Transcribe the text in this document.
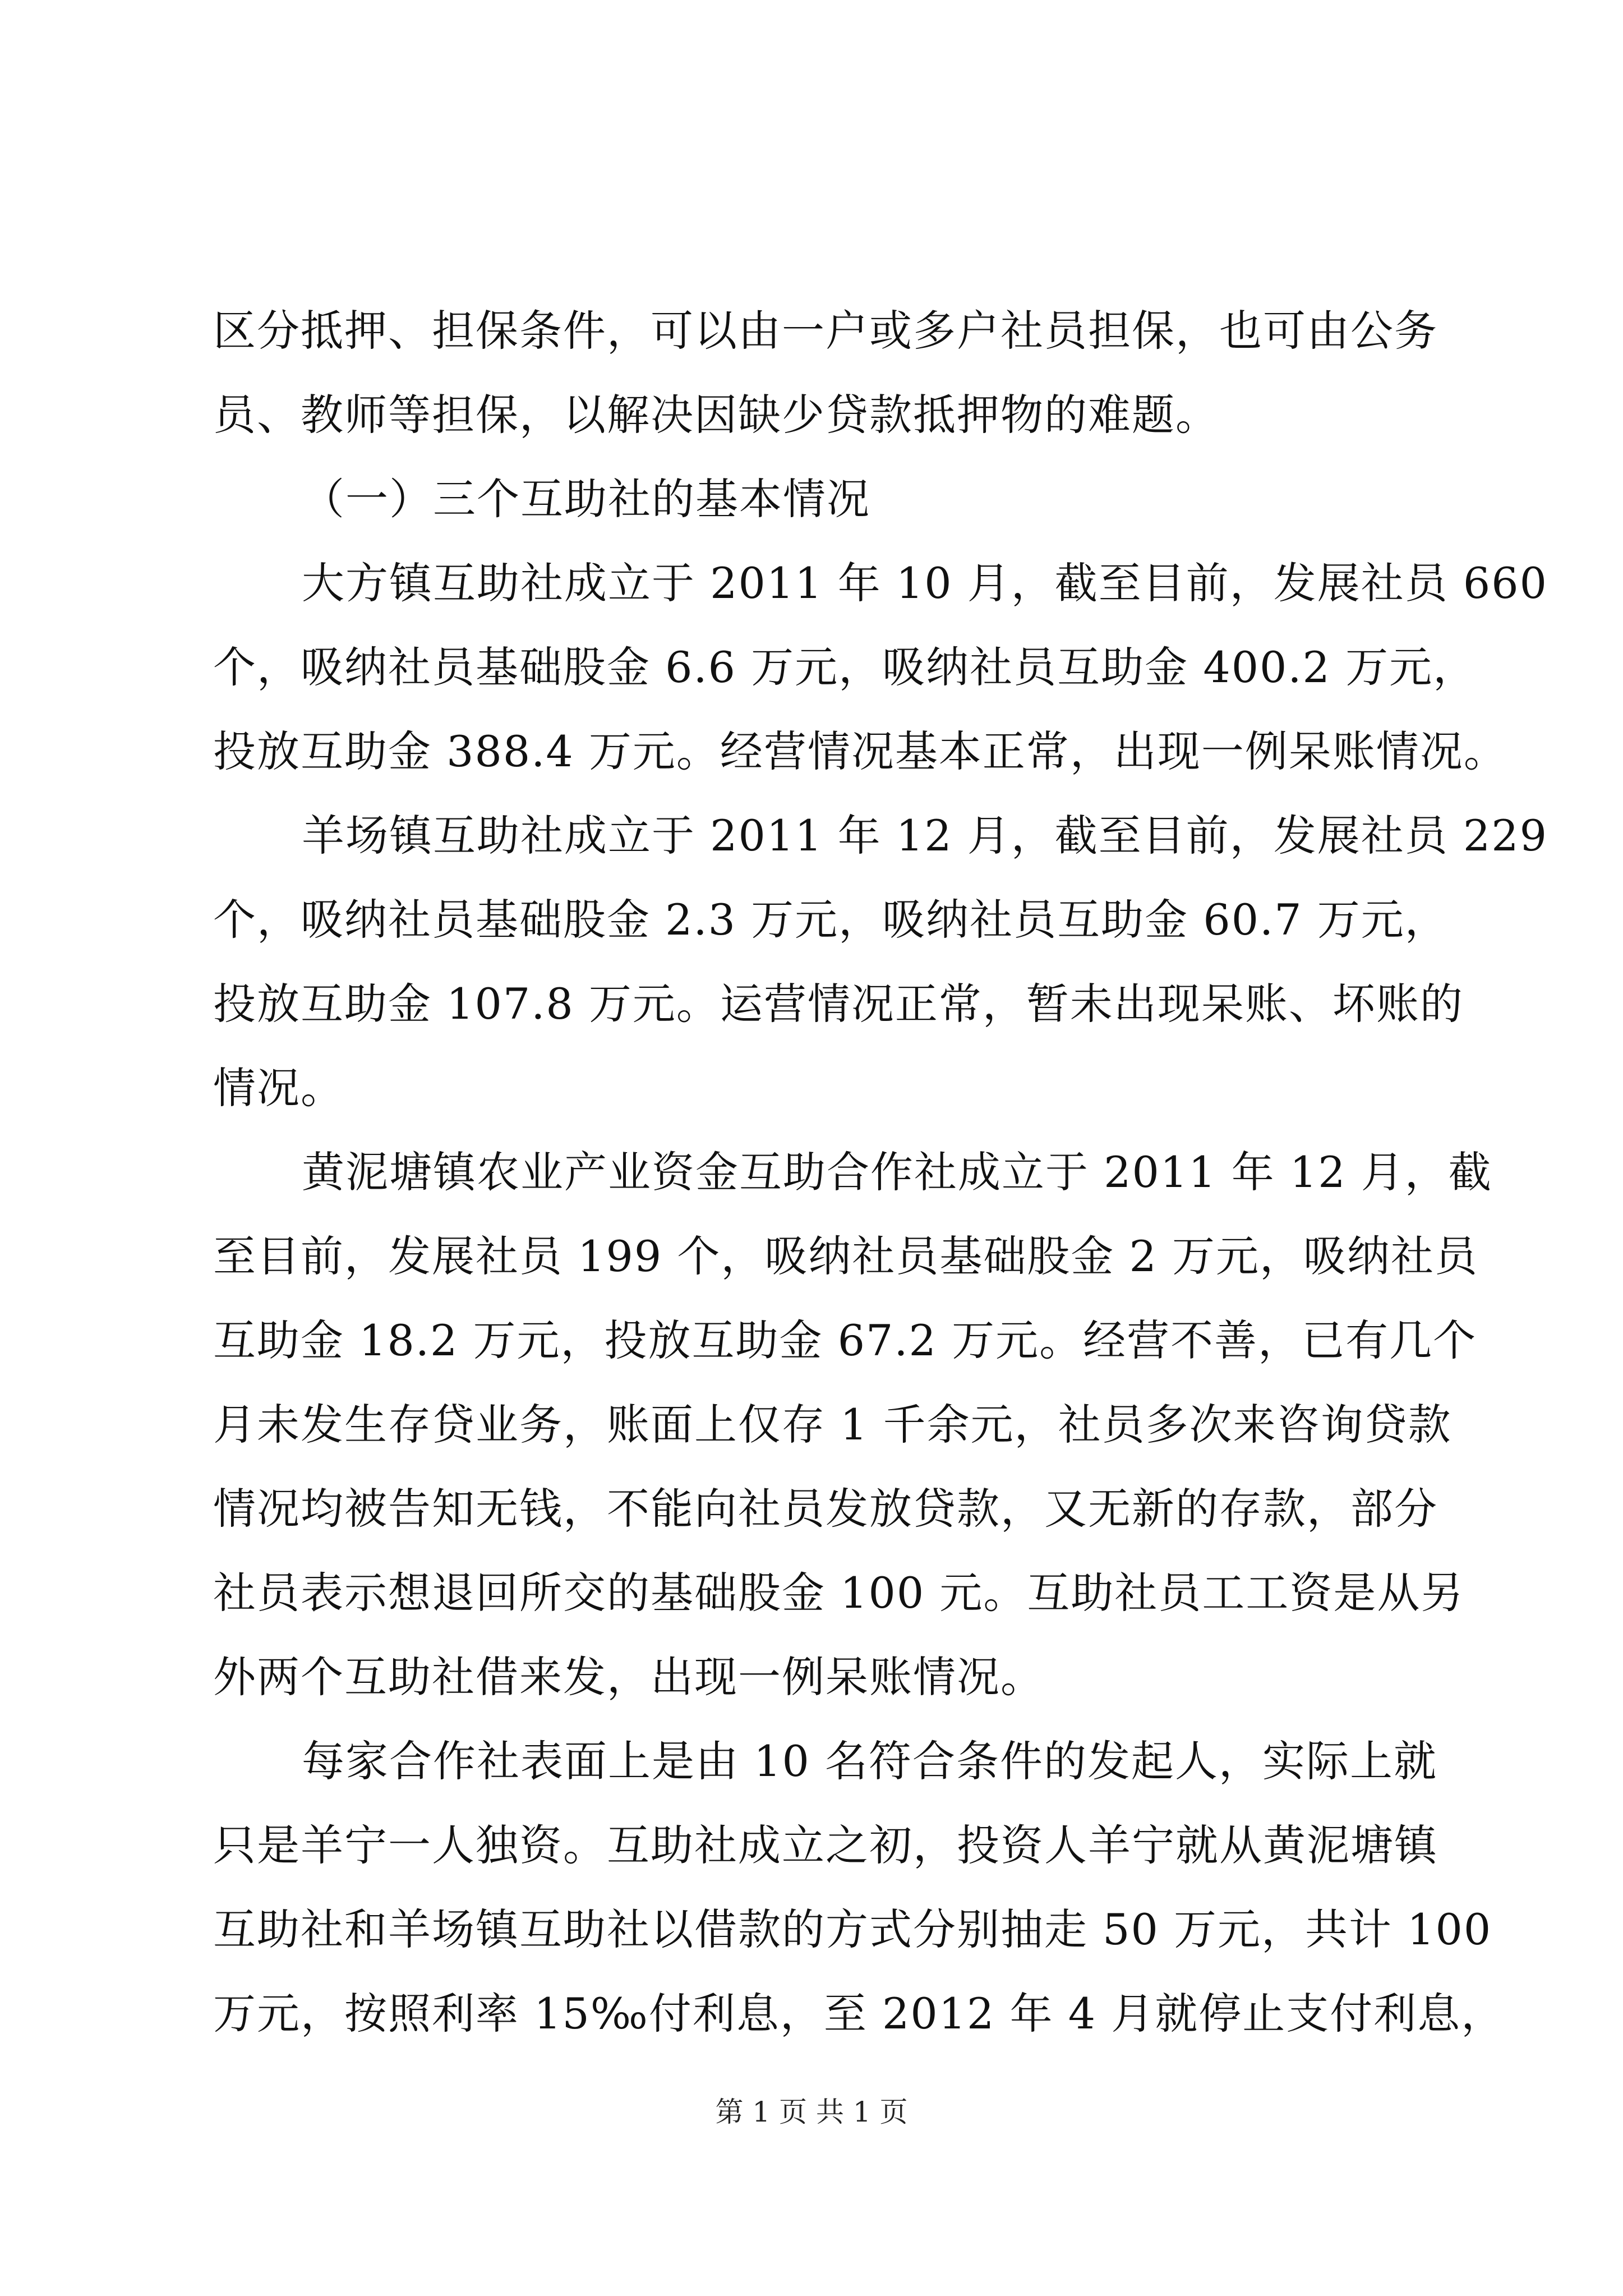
区分抵押、担保条件，可以由一户或多户社员担保，也可由公务
员、教师等担保，以解决因缺少贷款抵押物的难题。
（一）三个互助社的基本情况
大方镇互助社成立于 2011 年 10 月，截至目前，发展社员 660
个，吸纳社员基础股金 6.6 万元，吸纳社员互助金 400.2 万元，
投放互助金 388.4 万元。经营情况基本正常，出现一例呆账情况。
羊场镇互助社成立于 2011 年 12 月，截至目前，发展社员 229
个，吸纳社员基础股金 2.3 万元，吸纳社员互助金 60.7 万元，
投放互助金 107.8 万元。运营情况正常，暂未出现呆账、坏账的
情况。
黄泥塘镇农业产业资金互助合作社成立于 2011 年 12 月，截
至目前，发展社员 199 个，吸纳社员基础股金 2 万元，吸纳社员
互助金 18.2 万元，投放互助金 67.2 万元。经营不善，已有几个
月未发生存贷业务，账面上仅存 1 千余元，社员多次来咨询贷款
情况均被告知无钱，不能向社员发放贷款，又无新的存款，部分
社员表示想退回所交的基础股金 100 元。互助社员工工资是从另
外两个互助社借来发，出现一例呆账情况。
每家合作社表面上是由 10 名符合条件的发起人，实际上就
只是羊宁一人独资。互助社成立之初，投资人羊宁就从黄泥塘镇
互助社和羊场镇互助社以借款的方式分别抽走 50 万元，共计 100
万元，按照利率 15‰付利息，至 2012 年 4 月就停止支付利息，
第 1 页 共 1 页
